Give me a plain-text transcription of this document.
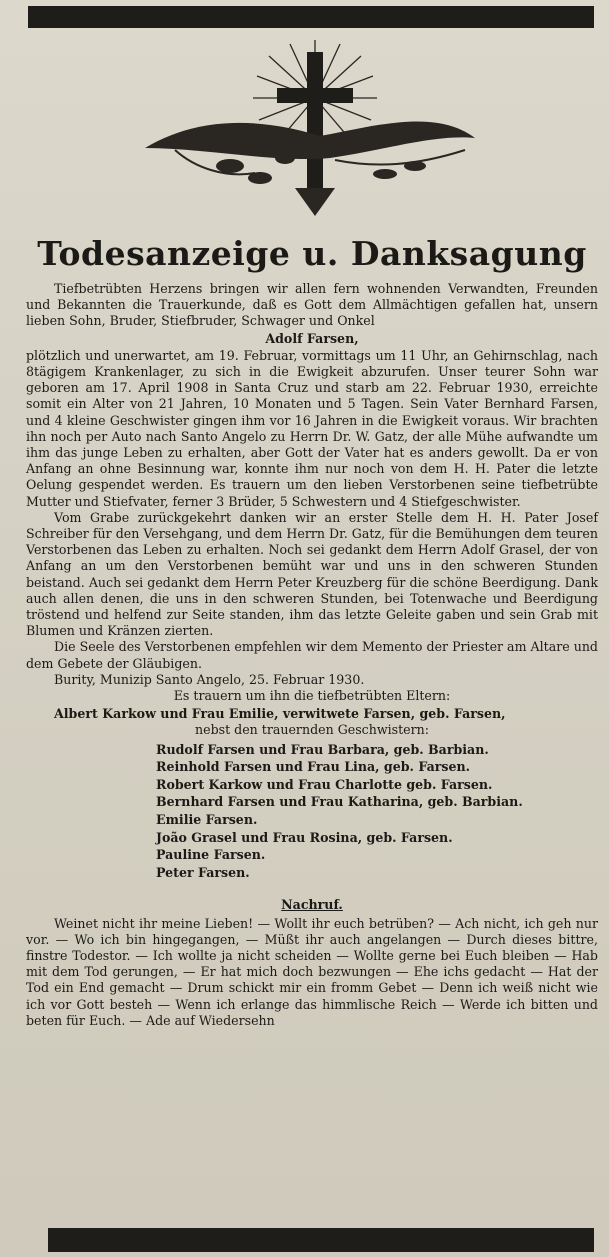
Todesanzeige u. Danksagung

Tiefbetrübten Herzens bringen wir allen fern wohnenden Verwandten, Freunden und Bekannten die Trauerkunde, daß es Gott dem Allmächtigen gefallen hat, unsern lieben Sohn, Bruder, Stiefbruder, Schwager und Onkel

Adolf Farsen,

plötzlich und unerwartet, am 19. Februar, vormittags um 11 Uhr, an Gehirnschlag, nach 8tägigem Krankenlager, zu sich in die Ewigkeit abzurufen. Unser teurer Sohn war geboren am 17. April 1908 in Santa Cruz und starb am 22. Februar 1930, erreichte somit ein Alter von 21 Jahren, 10 Monaten und 5 Tagen. Sein Vater Bernhard Farsen, und 4 kleine Geschwister gingen ihm vor 16 Jahren in die Ewigkeit voraus. Wir brachten ihn noch per Auto nach Santo Angelo zu Herrn Dr. W. Gatz, der alle Mühe aufwandte um ihm das junge Leben zu erhalten, aber Gott der Vater hat es anders gewollt. Da er von Anfang an ohne Besinnung war, konnte ihm nur noch von dem H. H. Pater die letzte Oelung gespendet werden. Es trauern um den lieben Verstorbenen seine tiefbetrübte Mutter und Stiefvater, ferner 3 Brüder, 5 Schwestern und 4 Stiefgeschwister.

Vom Grabe zurückgekehrt danken wir an erster Stelle dem H. H. Pater Josef Schreiber für den Versehgang, und dem Herrn Dr. Gatz, für die Bemühungen dem teuren Verstorbenen das Leben zu erhalten. Noch sei gedankt dem Herrn Adolf Grasel, der von Anfang an um den Verstorbenen bemüht war und uns in den schweren Stunden beistand. Auch sei gedankt dem Herrn Peter Kreuzberg für die schöne Beerdigung. Dank auch allen denen, die uns in den schweren Stunden, bei Totenwache und Beerdigung tröstend und helfend zur Seite standen, ihm das letzte Geleite gaben und sein Grab mit Blumen und Kränzen zierten.

Die Seele des Verstorbenen empfehlen wir dem Memento der Priester am Altare und dem Gebete der Gläubigen.

Burity, Munizip Santo Angelo, 25. Februar 1930.

Es trauern um ihn die tiefbetrübten Eltern:

Albert Karkow und Frau Emilie, verwitwete Farsen, geb. Farsen,

nebst den trauernden Geschwistern:

Rudolf Farsen und Frau Barbara, geb. Barbian.
Reinhold Farsen und Frau Lina, geb. Farsen.
Robert Karkow und Frau Charlotte geb. Farsen.
Bernhard Farsen und Frau Katharina, geb. Barbian.
Emilie Farsen.
João Grasel und Frau Rosina, geb. Farsen.
Pauline Farsen.
Peter Farsen.

Nachruf.

Weinet nicht ihr meine Lieben! — Wollt ihr euch betrüben? — Ach nicht, ich geh nur vor. — Wo ich bin hingegangen, — Müßt ihr auch angelangen — Durch dieses bittre, finstre Todestor. — Ich wollte ja nicht scheiden — Wollte gerne bei Euch bleiben — Hab mit dem Tod gerungen, — Er hat mich doch bezwungen — Ehe ichs gedacht — Hat der Tod ein End gemacht — Drum schickt mir ein fromm Gebet — Denn ich weiß nicht wie ich vor Gott besteh — Wenn ich erlange das himmlische Reich — Werde ich bitten und beten für Euch. — Ade auf Wiedersehn
